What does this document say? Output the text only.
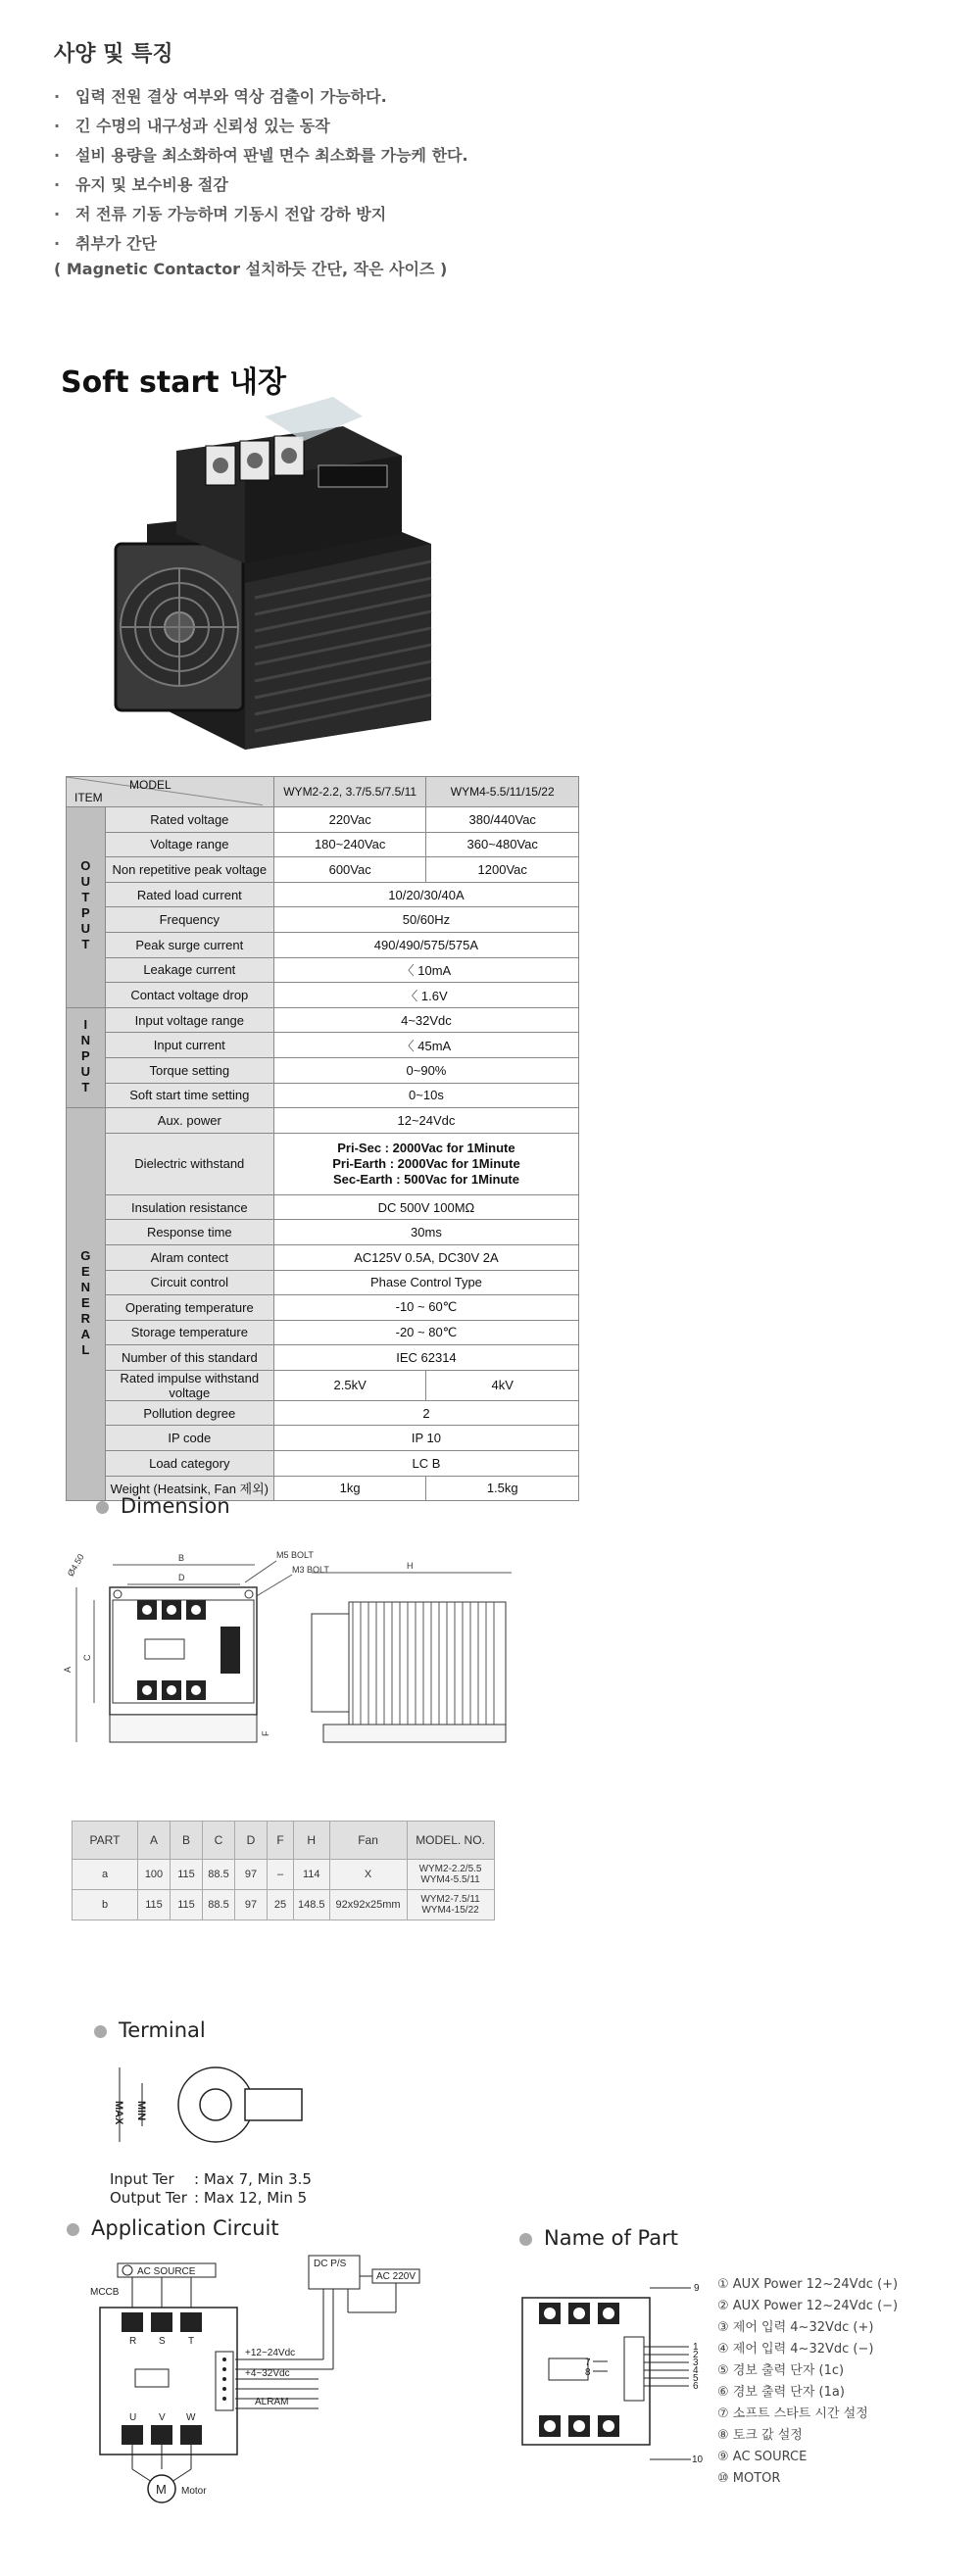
사양 및 특징
· 입력 전원 결상 여부와 역상 검출이 가능하다.
· 긴 수명의 내구성과 신뢰성 있는 동작
· 설비 용량을 최소화하여 판넬 면수 최소화를 가능케 한다.
· 유지 및 보수비용 절감
· 저 전류 기동 가능하며 기동시 전압 강하 방지
· 취부가 간단
( Magnetic Contactor 설치하듯 간단, 작은 사이즈 )
Soft start 내장
MODEL
ITEM		WYM2-2.2, 3.7/5.5/7.5/11	WYM4-5.5/11/15/22
OUTPUT	Rated voltage	220Vac	380/440Vac
	Voltage range	180~240Vac	360~480Vac
	Non repetitive peak voltage	600Vac	1200Vac
	Rated load current	10/20/30/40A	
	Frequency	50/60Hz	
	Peak surge current	490/490/575/575A	
	Leakage current	〈 10mA	
	Contact voltage drop	〈 1.6V	
INPUT	Input voltage range	4~32Vdc	
	Input current	〈 45mA	
	Torque setting	0~90%	
	Soft start time setting	0~10s	
GENERAL	Aux. power	12~24Vdc	
	Dielectric withstand	Pri-Sec : 2000Vac for 1Minute
Pri-Earth : 2000Vac for 1Minute
Sec-Earth : 500Vac for 1Minute	

	Insulation resistance	DC 500V 100MΩ	
	Response time	30ms	
	Alram contect	AC125V 0.5A, DC30V 2A	
	Circuit control	Phase Control Type	
	Operating temperature	-10 ~ 60℃	
	Storage temperature	-20 ~ 80℃	
	Number of this standard	IEC 62314	
	Rated impulse withstand voltage	2.5kV	4kV
	Pollution degree	2	
	IP code	IP 10	
	Load category	LC B	
	Weight (Heatsink, Fan 제외)	1kg	1.5kg
Dimension
B
D
Ø4.50	M5 BOLT
M3 BOLT
A
C
F
H
PART	A	B	C	D	F	H	Fan	MODEL. NO.
a	100	115	88.5	97	–	114	X	WYM2-2.2/5.5
WYM4-5.5/11

b	115	115	88.5	97	25	148.5	92x92x25mm	WYM2-7.5/11
WYM4-15/22
Terminal
MAX MIN
Input Ter : Max 7, Min 3.5
Output Ter : Max 12, Min 5
Application Circuit
AC SOURCE
MCCB
R S T
U V W
DC P/S
AC 220V
+12~24Vdc
+4~32Vdc
ALRAM
M Motor
Name of Part
7
8
9
1
2
3
4
5
6
10
① AUX Power 12~24Vdc (+)
② AUX Power 12~24Vdc (−)
③ 제어 입력 4~32Vdc (+)
④ 제어 입력 4~32Vdc (−)
⑤ 경보 출력 단자 (1c)
⑥ 경보 출력 단자 (1a)
⑦ 소프트 스타트 시간 설정
⑧ 토크 값 설정
⑨ AC SOURCE
⑩ MOTOR
